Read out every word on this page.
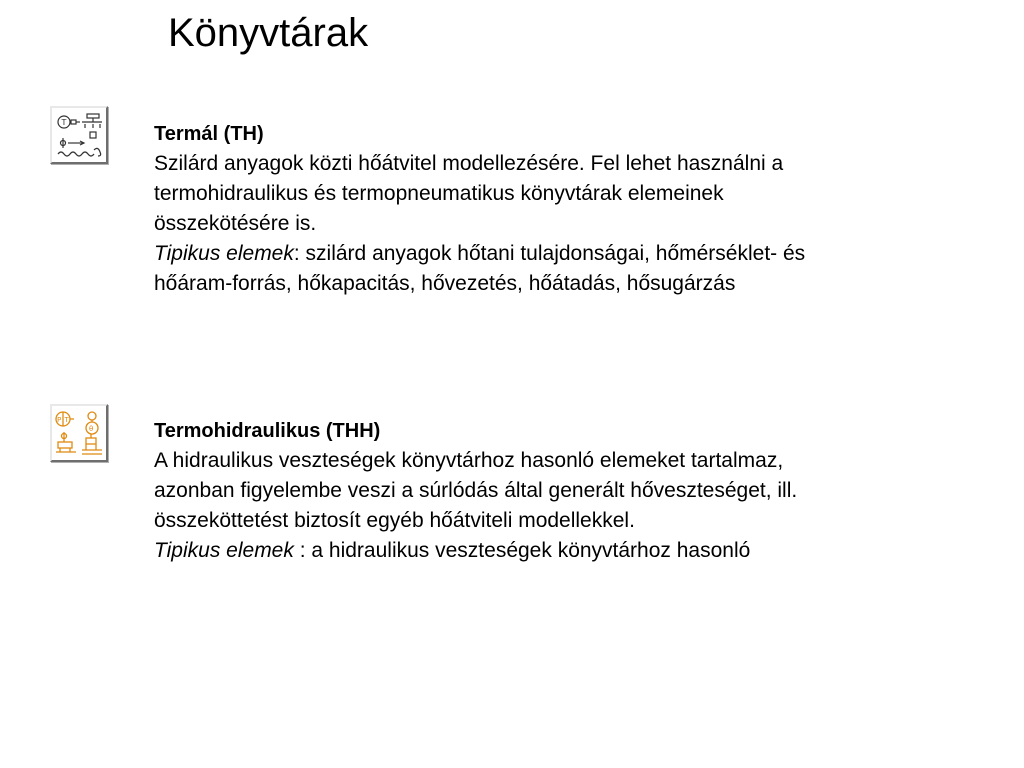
Könyvtárak
T

Termál (TH)

Szilárd anyagok közti hőátvitel modellezésére. Fel lehet használni a

termohidraulikus és termopneumatikus könyvtárak elemeinek

összekötésére is.

Tipikus elemek: szilárd anyagok hőtani tulajdonságai, hőmérséklet- és

hőáram-forrás, hőkapacitás, hővezetés, hőátadás, hősugárzás

P T
θ	Termohidraulikus (THH)

A hidraulikus veszteségek könyvtárhoz hasonló elemeket tartalmaz,

azonban figyelembe veszi a súrlódás által generált hőveszteséget, ill.

összeköttetést biztosít egyéb hőátviteli modellekkel.

Tipikus elemek : a hidraulikus veszteségek könyvtárhoz hasonló
